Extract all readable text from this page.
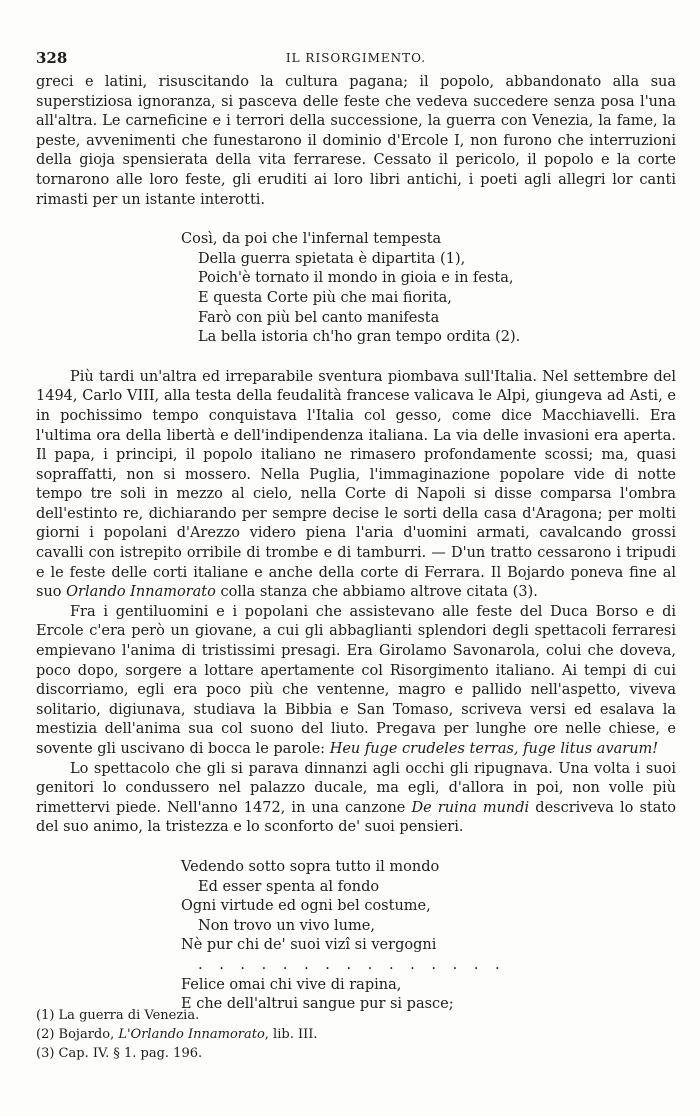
328	IL RISORGIMENTO.

greci e latini, risuscitando la cultura pagana; il popolo, abbandonato alla sua superstiziosa ignoranza, si pasceva delle feste che vedeva succedere senza posa l'una all'altra. Le carneficine e i terrori della successione, la guerra con Venezia, la fame, la peste, avvenimenti che funestarono il dominio d'Ercole I, non furono che interruzioni della gioja spensierata della vita ferrarese. Cessato il pericolo, il popolo e la corte tornarono alle loro feste, gli eruditi ai loro libri antichi, i poeti agli allegri lor canti rimasti per un istante interotti.

Così, da poi che l'infernal tempesta
Della guerra spietata è dipartita (1),
Poich'è tornato il mondo in gioia e in festa,
E questa Corte più che mai fiorita,
Farò con più bel canto manifesta
La bella istoria ch'ho gran tempo ordita (2).

Più tardi un'altra ed irreparabile sventura piombava sull'Italia. Nel settembre del 1494, Carlo VIII, alla testa della feudalità francese valicava le Alpi, giungeva ad Asti, e in pochissimo tempo conquistava l'Italia col gesso, come dice Macchiavelli. Era l'ultima ora della libertà e dell'indipendenza italiana. La via delle invasioni era aperta. Il papa, i principi, il popolo italiano ne rimasero profondamente scossi; ma, quasi sopraffatti, non si mossero. Nella Puglia, l'immaginazione popolare vide di notte tempo tre soli in mezzo al cielo, nella Corte di Napoli si disse comparsa l'ombra dell'estinto re, dichiarando per sempre decise le sorti della casa d'Aragona; per molti giorni i popolani d'Arezzo videro piena l'aria d'uomini armati, cavalcando grossi cavalli con istrepito orribile di trombe e di tamburri. — D'un tratto cessarono i tripudi e le feste delle corti italiane e anche della corte di Ferrara. Il Bojardo poneva fine al suo Orlando Innamorato colla stanza che abbiamo altrove citata (3).

Fra i gentiluomini e i popolani che assistevano alle feste del Duca Borso e di Ercole c'era però un giovane, a cui gli abbaglianti splendori degli spettacoli ferraresi empievano l'anima di tristissimi presagi. Era Girolamo Savonarola, colui che doveva, poco dopo, sorgere a lottare apertamente col Risorgimento italiano. Ai tempi di cui discorriamo, egli era poco più che ventenne, magro e pallido nell'aspetto, viveva solitario, digiunava, studiava la Bibbia e San Tomaso, scriveva versi ed esalava la mestizia dell'anima sua col suono del liuto. Pregava per lunghe ore nelle chiese, e sovente gli uscivano di bocca le parole: Heu fuge crudeles terras, fuge litus avarum!

Lo spettacolo che gli si parava dinnanzi agli occhi gli ripugnava. Una volta i suoi genitori lo condussero nel palazzo ducale, ma egli, d'allora in poi, non volle più rimettervi piede. Nell'anno 1472, in una canzone De ruina mundi descriveva lo stato del suo animo, la tristezza e lo sconforto de' suoi pensieri.

Vedendo sotto sopra tutto il mondo
Ed esser spenta al fondo
Ogni virtude ed ogni bel costume,
Non trovo un vivo lume,
Nè pur chi de' suoi vizî si vergogni
. . . . . . . . . . . . . . .
Felice omai chi vive di rapina,
E che dell'altrui sangue pur si pasce;
(1) La guerra di Venezia.
(2) Bojardo, L'Orlando Innamorato, lib. III.
(3) Cap. IV. § 1. pag. 196.
